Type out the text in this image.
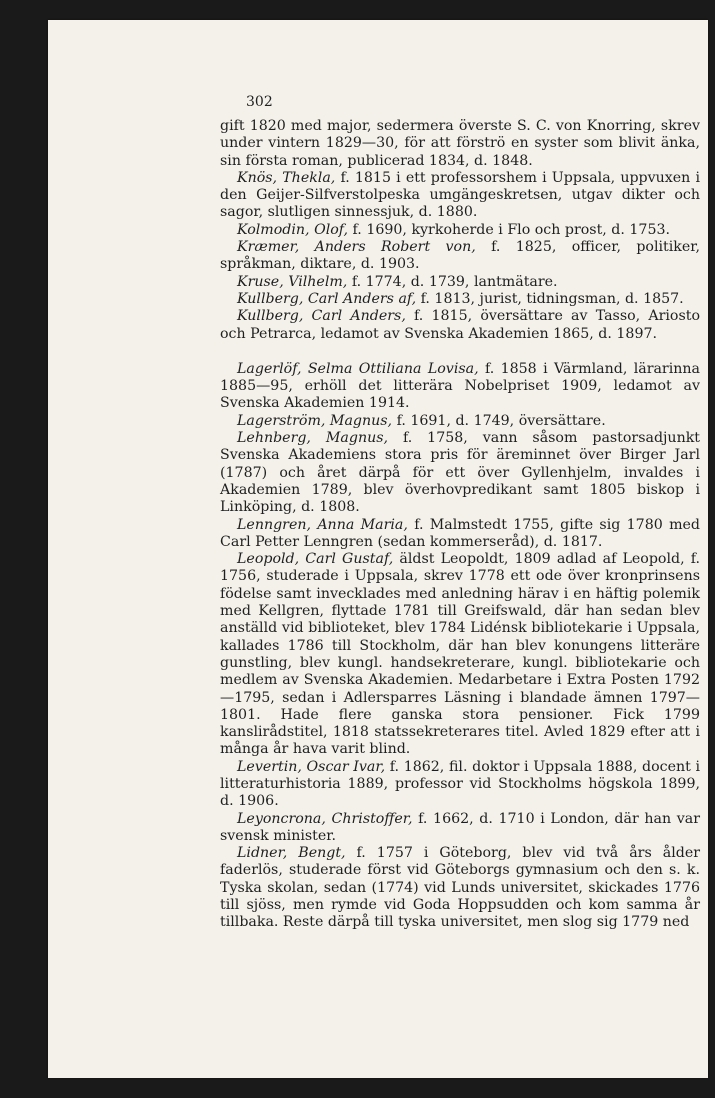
302

gift 1820 med major, sedermera överste S. C. von Knorring, skrev under vintern 1829—30, för att förströ en syster som blivit änka, sin första roman, publicerad 1834, d. 1848.

Knös, Thekla, f. 1815 i ett professorshem i Uppsala, uppvuxen i den Geijer-Silfverstolpeska umgängeskretsen, utgav dikter och sagor, slutligen sinnessjuk, d. 1880.

Kolmodin, Olof, f. 1690, kyrkoherde i Flo och prost, d. 1753.

Kræmer, Anders Robert von, f. 1825, officer, politiker, språkman, diktare, d. 1903.

Kruse, Vilhelm, f. 1774, d. 1739, lantmätare.

Kullberg, Carl Anders af, f. 1813, jurist, tidningsman, d. 1857.

Kullberg, Carl Anders, f. 1815, översättare av Tasso, Ariosto och Petrarca, ledamot av Svenska Akademien 1865, d. 1897.

Lagerlöf, Selma Ottiliana Lovisa, f. 1858 i Värmland, lärarinna 1885—95, erhöll det litterära Nobelpriset 1909, ledamot av Svenska Akademien 1914.

Lagerström, Magnus, f. 1691, d. 1749, översättare.

Lehnberg, Magnus, f. 1758, vann såsom pastorsadjunkt Svenska Akademiens stora pris för äreminnet över Birger Jarl (1787) och året därpå för ett över Gyllenhjelm, invaldes i Akademien 1789, blev överhovpredikant samt 1805 biskop i Linköping, d. 1808.

Lenngren, Anna Maria, f. Malmstedt 1755, gifte sig 1780 med Carl Petter Lenngren (sedan kommerseråd), d. 1817.

Leopold, Carl Gustaf, äldst Leopoldt, 1809 adlad af Leopold, f. 1756, studerade i Uppsala, skrev 1778 ett ode över kronprinsens födelse samt invecklades med anledning härav i en häftig polemik med Kellgren, flyttade 1781 till Greifswald, där han sedan blev anställd vid biblioteket, blev 1784 Lidénsk bibliotekarie i Uppsala, kallades 1786 till Stockholm, där han blev konungens litteräre gunstling, blev kungl. handsekreterare, kungl. bibliotekarie och medlem av Svenska Akademien. Medarbetare i Extra Posten 1792—1795, sedan i Adlersparres Läsning i blandade ämnen 1797—1801. Hade flere ganska stora pensioner. Fick 1799 kanslirådstitel, 1818 statssekreterares titel. Avled 1829 efter att i många år hava varit blind.

Levertin, Oscar Ivar, f. 1862, fil. doktor i Uppsala 1888, docent i litteraturhistoria 1889, professor vid Stockholms högskola 1899, d. 1906.

Leyoncrona, Christoffer, f. 1662, d. 1710 i London, där han var svensk minister.

Lidner, Bengt, f. 1757 i Göteborg, blev vid två års ålder faderlös, studerade först vid Göteborgs gymnasium och den s. k. Tyska skolan, sedan (1774) vid Lunds universitet, skickades 1776 till sjöss, men rymde vid Goda Hoppsudden och kom samma år tillbaka. Reste därpå till tyska universitet, men slog sig 1779 ned
